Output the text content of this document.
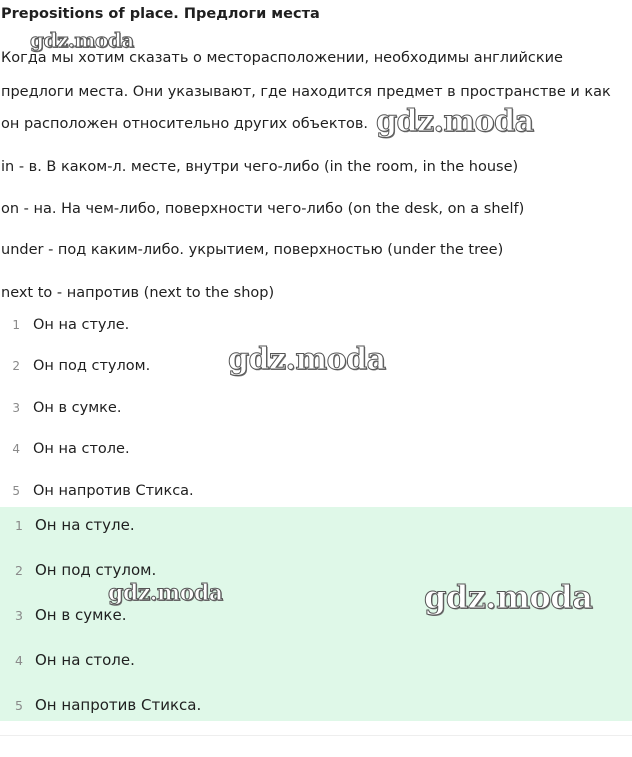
Prepositions of place. Предлоги места
Когда мы хотим сказать о месторасположении, необходимы английские
предлоги места. Они указывают, где находится предмет в пространстве и как
он расположен относительно других объектов.
in - в. В каком-л. месте, внутри чего-либо (in the room, in the house)
on - на. На чем-либо, поверхности чего-либо (on the desk, on a shelf)
under - под каким-либо. укрытием, поверхностью (under the tree)
next to - напротив (next to the shop)
1 Он на стуле.
2 Он под стулом.
3 Он в сумке.
4 Он на столе.
5 Он напротив Стикса.
1 Он на стуле.
2 Он под стулом.
3 Он в сумке.
4 Он на столе.
5 Он напротив Стикса.
gdz.moda
gdz.moda
gdz.moda
gdz.moda	gdz.moda
